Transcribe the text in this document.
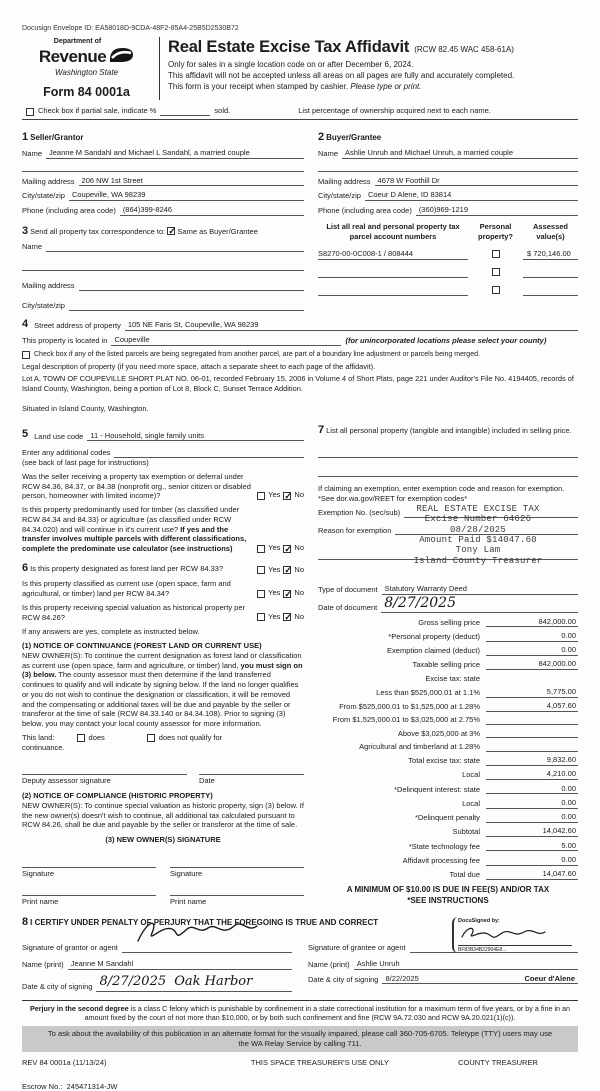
Docusign Envelope ID: EA58018D-9CDA-48F2-85A4-25B5D2530B72
Department of
Revenue
Washington State
Form 84 0001a
Real Estate Excise Tax Affidavit (RCW 82.45 WAC 458-61A)
Only for sales in a single location code on or after December 6, 2024.
This affidavit will not be accepted unless all areas on all pages are fully and accurately completed.
This form is your receipt when stamped by cashier. Please type or print.
Check box if partial sale, indicate %	sold.	List percentage of ownership acquired next to each name.
1 Seller/Grantor
Name Jeanne M Sandahl and Michael L Sandahl, a married couple
Mailing address 206 NW 1st Street
City/state/zip Coupeville, WA 98239
Phone (including area code) (864)399-8246
3 Send all property tax correspondence to: ✓ Same as Buyer/Grantee
Name
Mailing address
City/state/zip
2 Buyer/Grantee
Name Ashlie Unruh and Michael Unruh, a married couple
Mailing address 4678 W Foothill Dr
City/state/zip Coeur D Alene, ID 83814
Phone (including area code) (360)969-1219
List all real and personal property tax parcel account numbers
Personal property?
Assessed value(s)
S8270-00-0C008-1 / 808444	$ 720,146.00
4 Street address of property 105 NE Faris St, Coupeville, WA 98239
This property is located in Coupeville	(for unincorporated locations please select your county)
Check box if any of the listed parcels are being segregated from another parcel, are part of a boundary line adjustment or parcels being merged.
Legal description of property (if you need more space, attach a separate sheet to each page of the affidavit).
Lot A, TOWN OF COUPEVILLE SHORT PLAT NO. 06-01, recorded February 15, 2006 in Volume 4 of Short Plats, page 221 under Auditor's File No. 4194405, records of Island County, Washington, being a portion of Lot 8, Block C, Sunset Terrace Addition.
Situated in Island County, Washington.
5 Land use code 11 - Household, single family units
Enter any additional codes
(see back of last page for instructions)
Was the seller receiving a property tax exemption or deferral under RCW 84.36, 84.37, or 84.38 (nonprofit org., senior citizen or disabled person, homeowner with limited income)?	Yes ✓ No
Is this property predominantly used for timber (as classified under RCW 84.34 and 84.33) or agriculture (as classified under RCW 84.34.020) and will continue in it's current use? If yes and the transfer involves multiple parcels with different classifications, complete the predominate use calculator (see instructions)	Yes ✓ No
6 Is this property designated as forest land per RCW 84.33?	Yes ✓ No
Is this property classified as current use (open space, farm and agricultural, or timber) land per RCW 84.34?	Yes ✓ No
Is this property receiving special valuation as historical property per RCW 84.26?	Yes ✓ No
If any answers are yes, complete as instructed below.
(1) NOTICE OF CONTINUANCE (FOREST LAND OR CURRENT USE)
NEW OWNER(S): To continue the current designation as forest land or classification as current use (open space, farm and agriculture, or timber) land, you must sign on (3) below. The county assessor must then determine if the land transferred continues to qualify and will indicate by signing below. If the land no longer qualifies or you do not wish to continue the designation or classification, it will be removed and the compensating or additional taxes will be due and payable by the seller or transferor at the time of sale (RCW 84.33.140 or 84.34.108). Prior to signing (3) below, you may contact your local county assessor for more information.
This land:	does	does not qualify for
continuance.
Deputy assessor signature	Date
(2) NOTICE OF COMPLIANCE (HISTORIC PROPERTY)
NEW OWNER(S): To continue special valuation as historic property, sign (3) below. If the new owner(s) doesn't wish to continue, all additional tax calculated pursuant to RCW 84.26, shall be due and payable by the seller or transferor at the time of sale.
(3) NEW OWNER(S) SIGNATURE
Signature	Signature
Print name	Print name
7 List all personal property (tangible and intangible) included in selling price.
If claiming an exemption, enter exemption code and reason for exemption. *See dor.wa.gov/REET for exemption codes*
Exemption No. (sec/sub)
Reason for exemption
REAL ESTATE EXCISE TAX
Excise Number 64626
08/28/2025
Amount Paid $14047.60
Tony Lam
Island County Treasurer
Type of document Statutory Warranty Deed
Date of document 8/27/2025
Gross selling price	842,000.00
*Personal property (deduct)	0.00
Exemption claimed (deduct)	0.00
Taxable selling price	842,000.00
Excise tax: state
Less than $525,000.01 at 1.1%	5,775.00
From $525,000.01 to $1,525,000 at 1.28%	4,057.60
From $1,525,000.01 to $3,025,000 at 2.75%
Above $3,025,000 at 3%
Agricultural and timberland at 1.28%
Total excise tax: state	9,832.60
Local	4,210.00
*Delinquent interest: state	0.00
Local	0.00
*Delinquent penalty	0.00
Subtotal	14,042.60
*State technology fee	5.00
Affidavit processing fee	0.00
Total due	14,047.60
A MINIMUM OF $10.00 IS DUE IN FEE(S) AND/OR TAX
*SEE INSTRUCTIONS
8 I CERTIFY UNDER PENALTY OF PERJURY THAT THE FOREGOING IS TRUE AND CORRECT
Signature of grantor or agent
Name (print) Jeanne M Sandahl
Date & city of signing 8/27/2025 Oak Harbor
Signature of grantee or agent
DocuSigned by:
BF83B34B22904E8...
Name (print) Ashlie Unruh
Date & city of signing 8/22/2025	Coeur d'Alene
Perjury in the second degree is a class C felony which is punishable by confinement in a state correctional institution for a maximum term of five years, or by a fine in an amount fixed by the court of not more than $10,000, or by both such confinement and fine (RCW 9A.72.030 and RCW 9A.20.021(1)(c)).
To ask about the availability of this publication in an alternate format for the visually impaired, please call 360-705-6705. Teletype (TTY) users may use the WA Relay Service by calling 711.
REV 84 0001a (11/13/24)	THIS SPACE TREASURER'S USE ONLY	COUNTY TREASURER
Escrow No.: 245471314-JW
